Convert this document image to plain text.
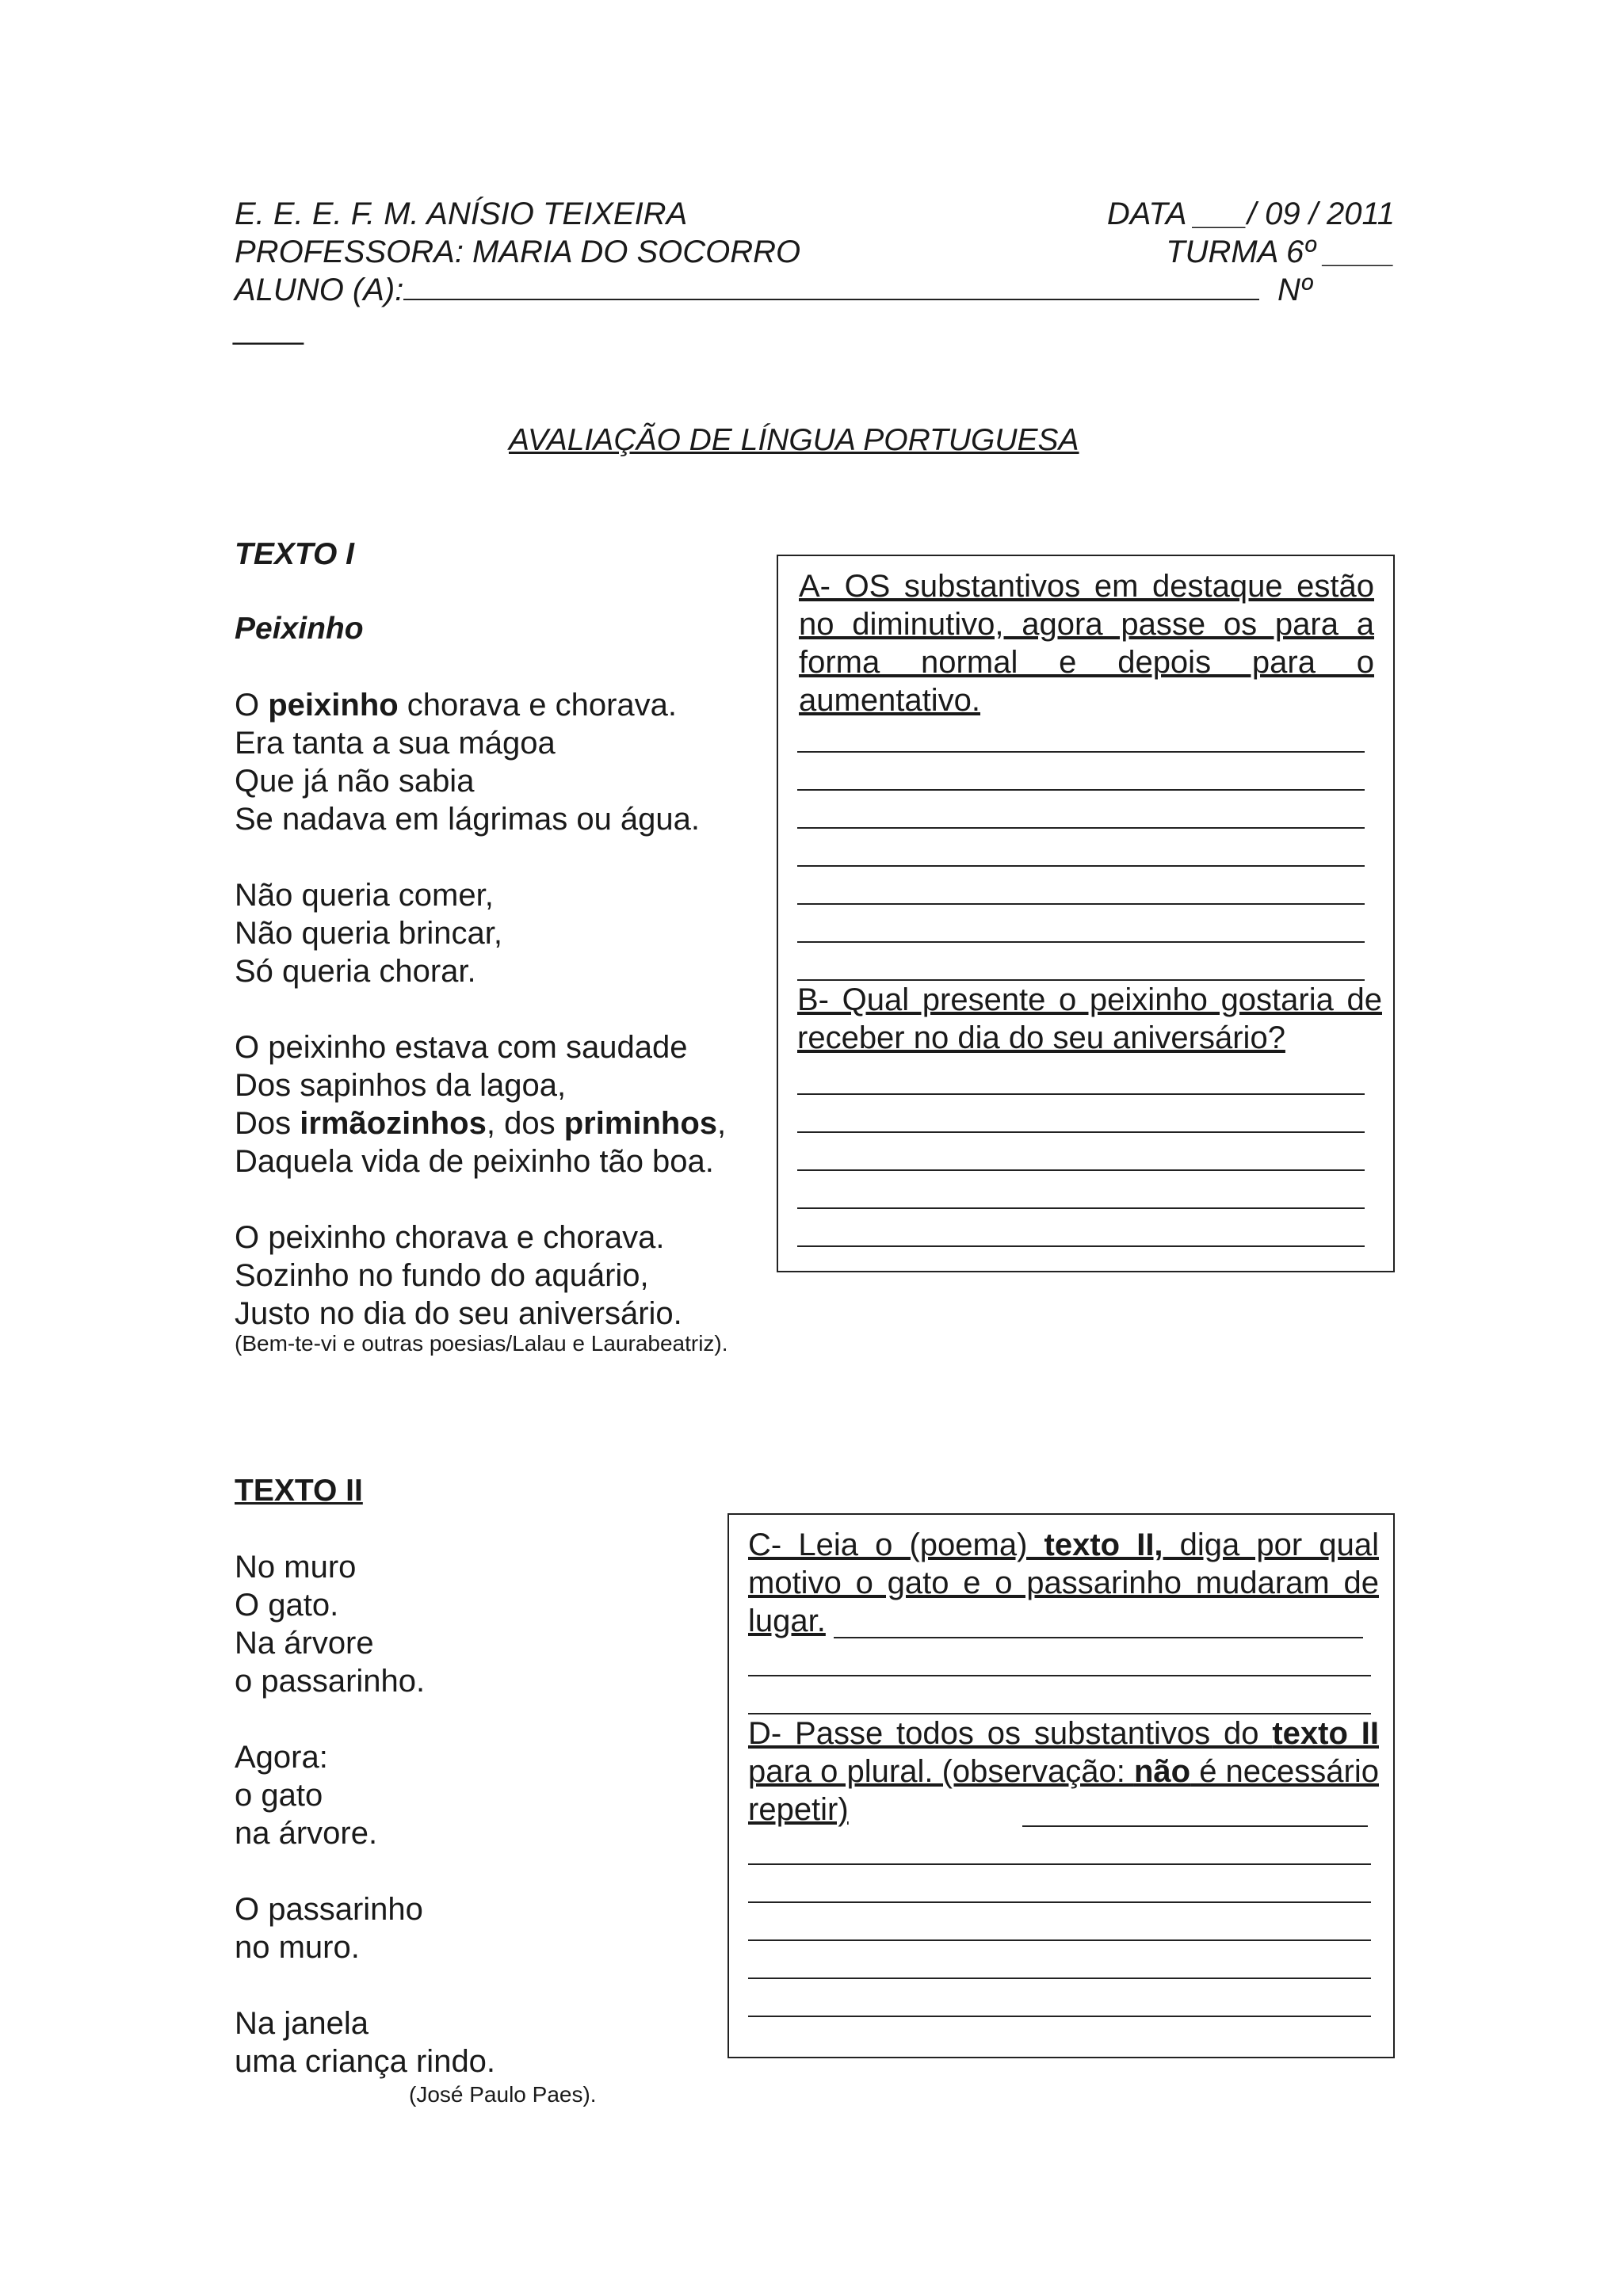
E. E. E. F. M. ANÍSIO TEIXEIRA	DATA ___/ 09 / 2011
PROFESSORA: MARIA DO SOCORRO	TURMA 6º ____
ALUNO (A):	Nº
____
AVALIAÇÃO DE LÍNGUA PORTUGUESA
TEXTO I
Peixinho
O peixinho chorava e chorava.
Era tanta a sua mágoa
Que já não sabia
Se nadava em lágrimas ou água.
Não queria comer,
Não queria brincar,
Só queria chorar.
O peixinho estava com saudade
Dos sapinhos da lagoa,
Dos irmãozinhos, dos priminhos,
Daquela vida de peixinho tão boa.
O peixinho chorava e chorava.
Sozinho no fundo do aquário,
Justo no dia do seu aniversário.
(Bem-te-vi e outras poesias/Lalau e Laurabeatriz).
A- OS substantivos em destaque estão no diminutivo, agora passe os para a forma normal e depois para o aumentativo.
B- Qual presente o peixinho gostaria de receber no dia do seu aniversário?
TEXTO II
No muro
O gato.
Na árvore
o passarinho.
Agora:
o gato
na árvore.
O passarinho
no muro.
Na janela
uma criança rindo.
(José Paulo Paes).
C- Leia o (poema) texto II, diga por qual motivo o gato e o passarinho mudaram de lugar.
D- Passe todos os substantivos do texto II para o plural. (observação: não é necessário repetir)
